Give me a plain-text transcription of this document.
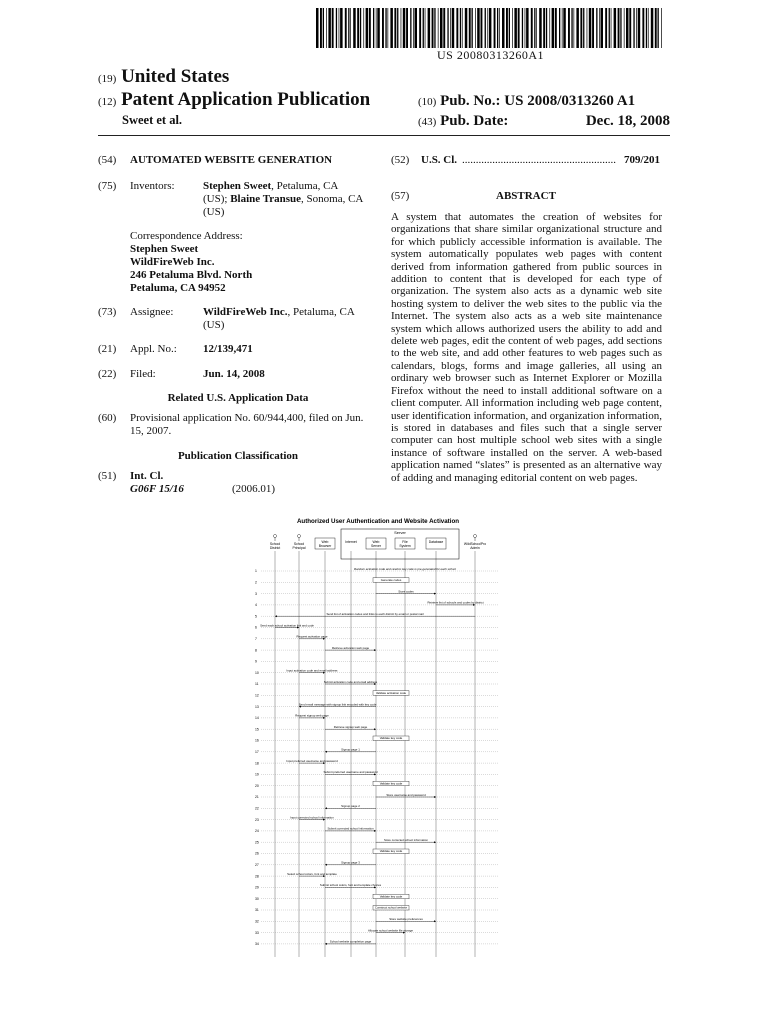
US 20080313260A1
(19) United States
(12) Patent Application Publication
Sweet et al.
(10) Pub. No.: US 2008/0313260 A1
(43) Pub. Date:	Dec. 18, 2008
(54) AUTOMATED WEBSITE GENERATION
(75) Inventors:	Stephen Sweet, Petaluma, CA
(US); Blaine Transue, Sonoma, CA
(US)
Correspondence Address:
Stephen Sweet
WildFireWeb Inc.
246 Petaluma Blvd. North
Petaluma, CA 94952
(73) Assignee:	WildFireWeb Inc., Petaluma, CA
(US)
(21) Appl. No.: 12/139,471
(22) Filed:	Jun. 14, 2008
Related U.S. Application Data
(60) Provisional application No. 60/944,400, filed on Jun.
15, 2007.
Publication Classification
(51) Int. Cl.
G06F 15/16	(2006.01)
(52) U.S. Cl. ........................................................ 709/201
(57)	ABSTRACT
A system that automates the creation of websites for organizations that share similar organizational structure and for which publicly accessible information is available. The system automatically populates web pages with content derived from information gathered from public sources in addition to content that is developed for each type of organization. The system also acts as a dynamic web site hosting system to deliver the web sites to the public via the Internet. The system also acts as a web site maintenance system which allows authorized users the ability to add and delete web pages, edit the content of web pages, add sections to the web site, and add other features to web pages such as calendars, blogs, forms and image galleries, all using an ordinary web browser such as Internet Explorer or Mozilla Firefox without the need to install additional software on a client computer. All information including web page content, user identification information, and organization information, is stored in databases and files such that a single server computer can host multiple school web sites with a single instance of software installed on the server. A web-based application named “slates” is presented as an alternative way of adding and managing editorial content on web pages.
Authorized User Authentication and Website Activation
Server
School
District
School
Principal
Web
Browser
Internet	Web
Server
File
System
Database	WildSchoolPro
Admin
1
Random activation code and random key code is pre-generated for each school
2
Generate codes
3
Store codes
4
Retrieve list of schools and codes by district
5
Send list of activation codes and links to each district by email or postal mail
6
Send each school activation link and code
7
Request activation page
8
Retrieve activation web page
9
10
Input activation code and email address
11
Submit activation code and email address
12
Validate activation code
13
Send email message with signup link encoded with key code
14
Request signup web page
15
Retrieve signup web page
16
Validate key code
17
Signup page 1
18
Input preferred username and password
19
Submit preferred username and password
20
Validate key code
21
Store username and password
22
Signup page 2
23
Input corrected school information
24
Submit corrected school information
25
Store corrected school information
26
Validate key code
27
Signup page 3
28
Select school colors, font and template
29
Submit school colors, font and template choices
30
Validate key code
31
Construct school website
32
Store website preferences
33
Allocate school website file storage
34
School website completion page
